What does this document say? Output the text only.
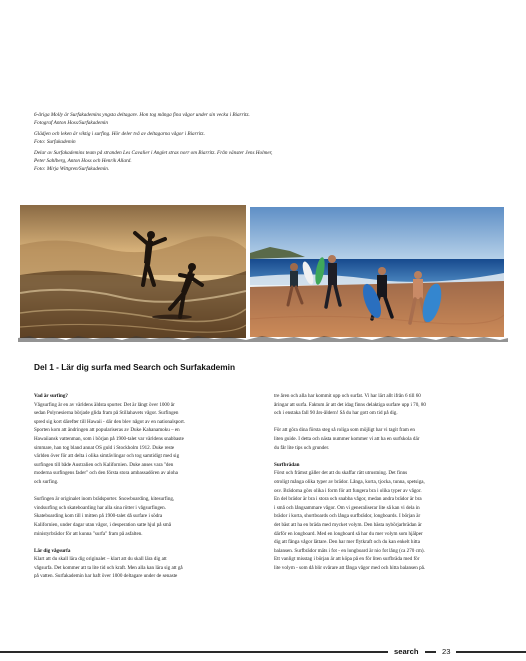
6-åriga Molly är Surfakademins yngsta deltagare. Hon tog många fina vågor under sin vecka i Biarritz.
Fotograf Anton Hoss/Surfakademin
Glädjen och leken är viktig i surfing. Hör deler två av deltagarna vågor i Biarritz.
Foto: Surfakademin
Delar av Surfakademins team på stranden Les Cavalier i Anglet strax norr om Biarritz. Från vänster Jens Holmer,
Peter Sahlberg, Anton Hoss och Henrik Allard.
Foto: Mirja Wittgren/Surfakademin.
Del 1 - Lär dig surfa med Search och Surfakademin
Vad är surfing?
Vågsurfing är en av världens äldsta sporter. Det är långt över 1000 år
sedan Polynesierna började glida fram på Stillahavets vågor. Surfingen
spred sig kort därefter till Hawaii - där den blev något av en nationalsport.
Sporten kom att ändringen att populariseras av Duke Kahanamoku – en
Hawaiiansk vattenman, som i början på 1900-talet var världens snabbaste
simmare, han tog bland annat OS guld i Stockholm 1912. Duke reste
världen över för att delta i olika simtävlingar och tog samtidigt med sig
surfingen till både Australien och Kalifornien. Duke anses vara "den
moderna surfingens fader" och den första stora ambassadören av aloha
och surfing.
Surfingen är originalet inom brädsporter. Snowboarding, kitesurfing,
vindsurfing och skateboarding har alla sina rötter i vågsurfingen.
Skateboarding kom till i mitten på 1900-talet då surfare i södra
Kalifornien, under dagar utan vågor, i desperation satte hjul på små
ministyrbrädor för att kunna "surfa" fram på asfalten.
Lär dig vågsurfa
Klart att du skall lära dig originalet – klart att du skall lära dig att
vågsurfa. Det kommer att ta lite tid och kraft. Men alla kan lära sig att gå
på vatten. Surfakademin har haft över 1000 deltagare under de senaste
tre åren och alla har kommit upp och surfat. Vi har lärt allt ifrån 6 till 60
åringar att surfa. Faktum är att det idag finns delaktiga surfare upp i 70, 80
och i enstaka fall 90 års-åldern! Så du har gott om tid på dig.
För att göra dina första steg så roliga som möjligt har vi tagit fram en
liten guide. I detta och nästa nummer kommer vi att ha en surfskola där
du får lite tips och grunder.
Surfbrädan
Först och främst gäller det att du skaffar rätt utrustning. Det finns
otroligt många olika typer av brädor. Långa, korta, tjocka, tunna, spetsiga,
osv. Brädorna görs olika i form för att fungera bra i olika typer av vågor.
En del brädor är bra i stora och snabba vågor, medan andra brädor är bra
i små och långsammare vågor. Om vi generaliserar lite så kan vi dela in
brädor i korta, shortboards och långa surfbrädor, longboards. I början är
det bäst att ha en bräda med mycket volym. Den bästa nybörjarbrädan är
därför en longboard. Med en longboard så har du mer volym som hjälper
dig att fånga vågor lättare. Den har mer flytkraft och du kan enkelt hitta
balansen. Surfbrädor mäts i fot - en longboard är nio fot lång (ca 270 cm).
Ett vanligt misstag i början är att köpa på en för liten surfbräda med för
lite volym - som då blir svårare att fånga vågor med och hitta balansen på.
search	23
